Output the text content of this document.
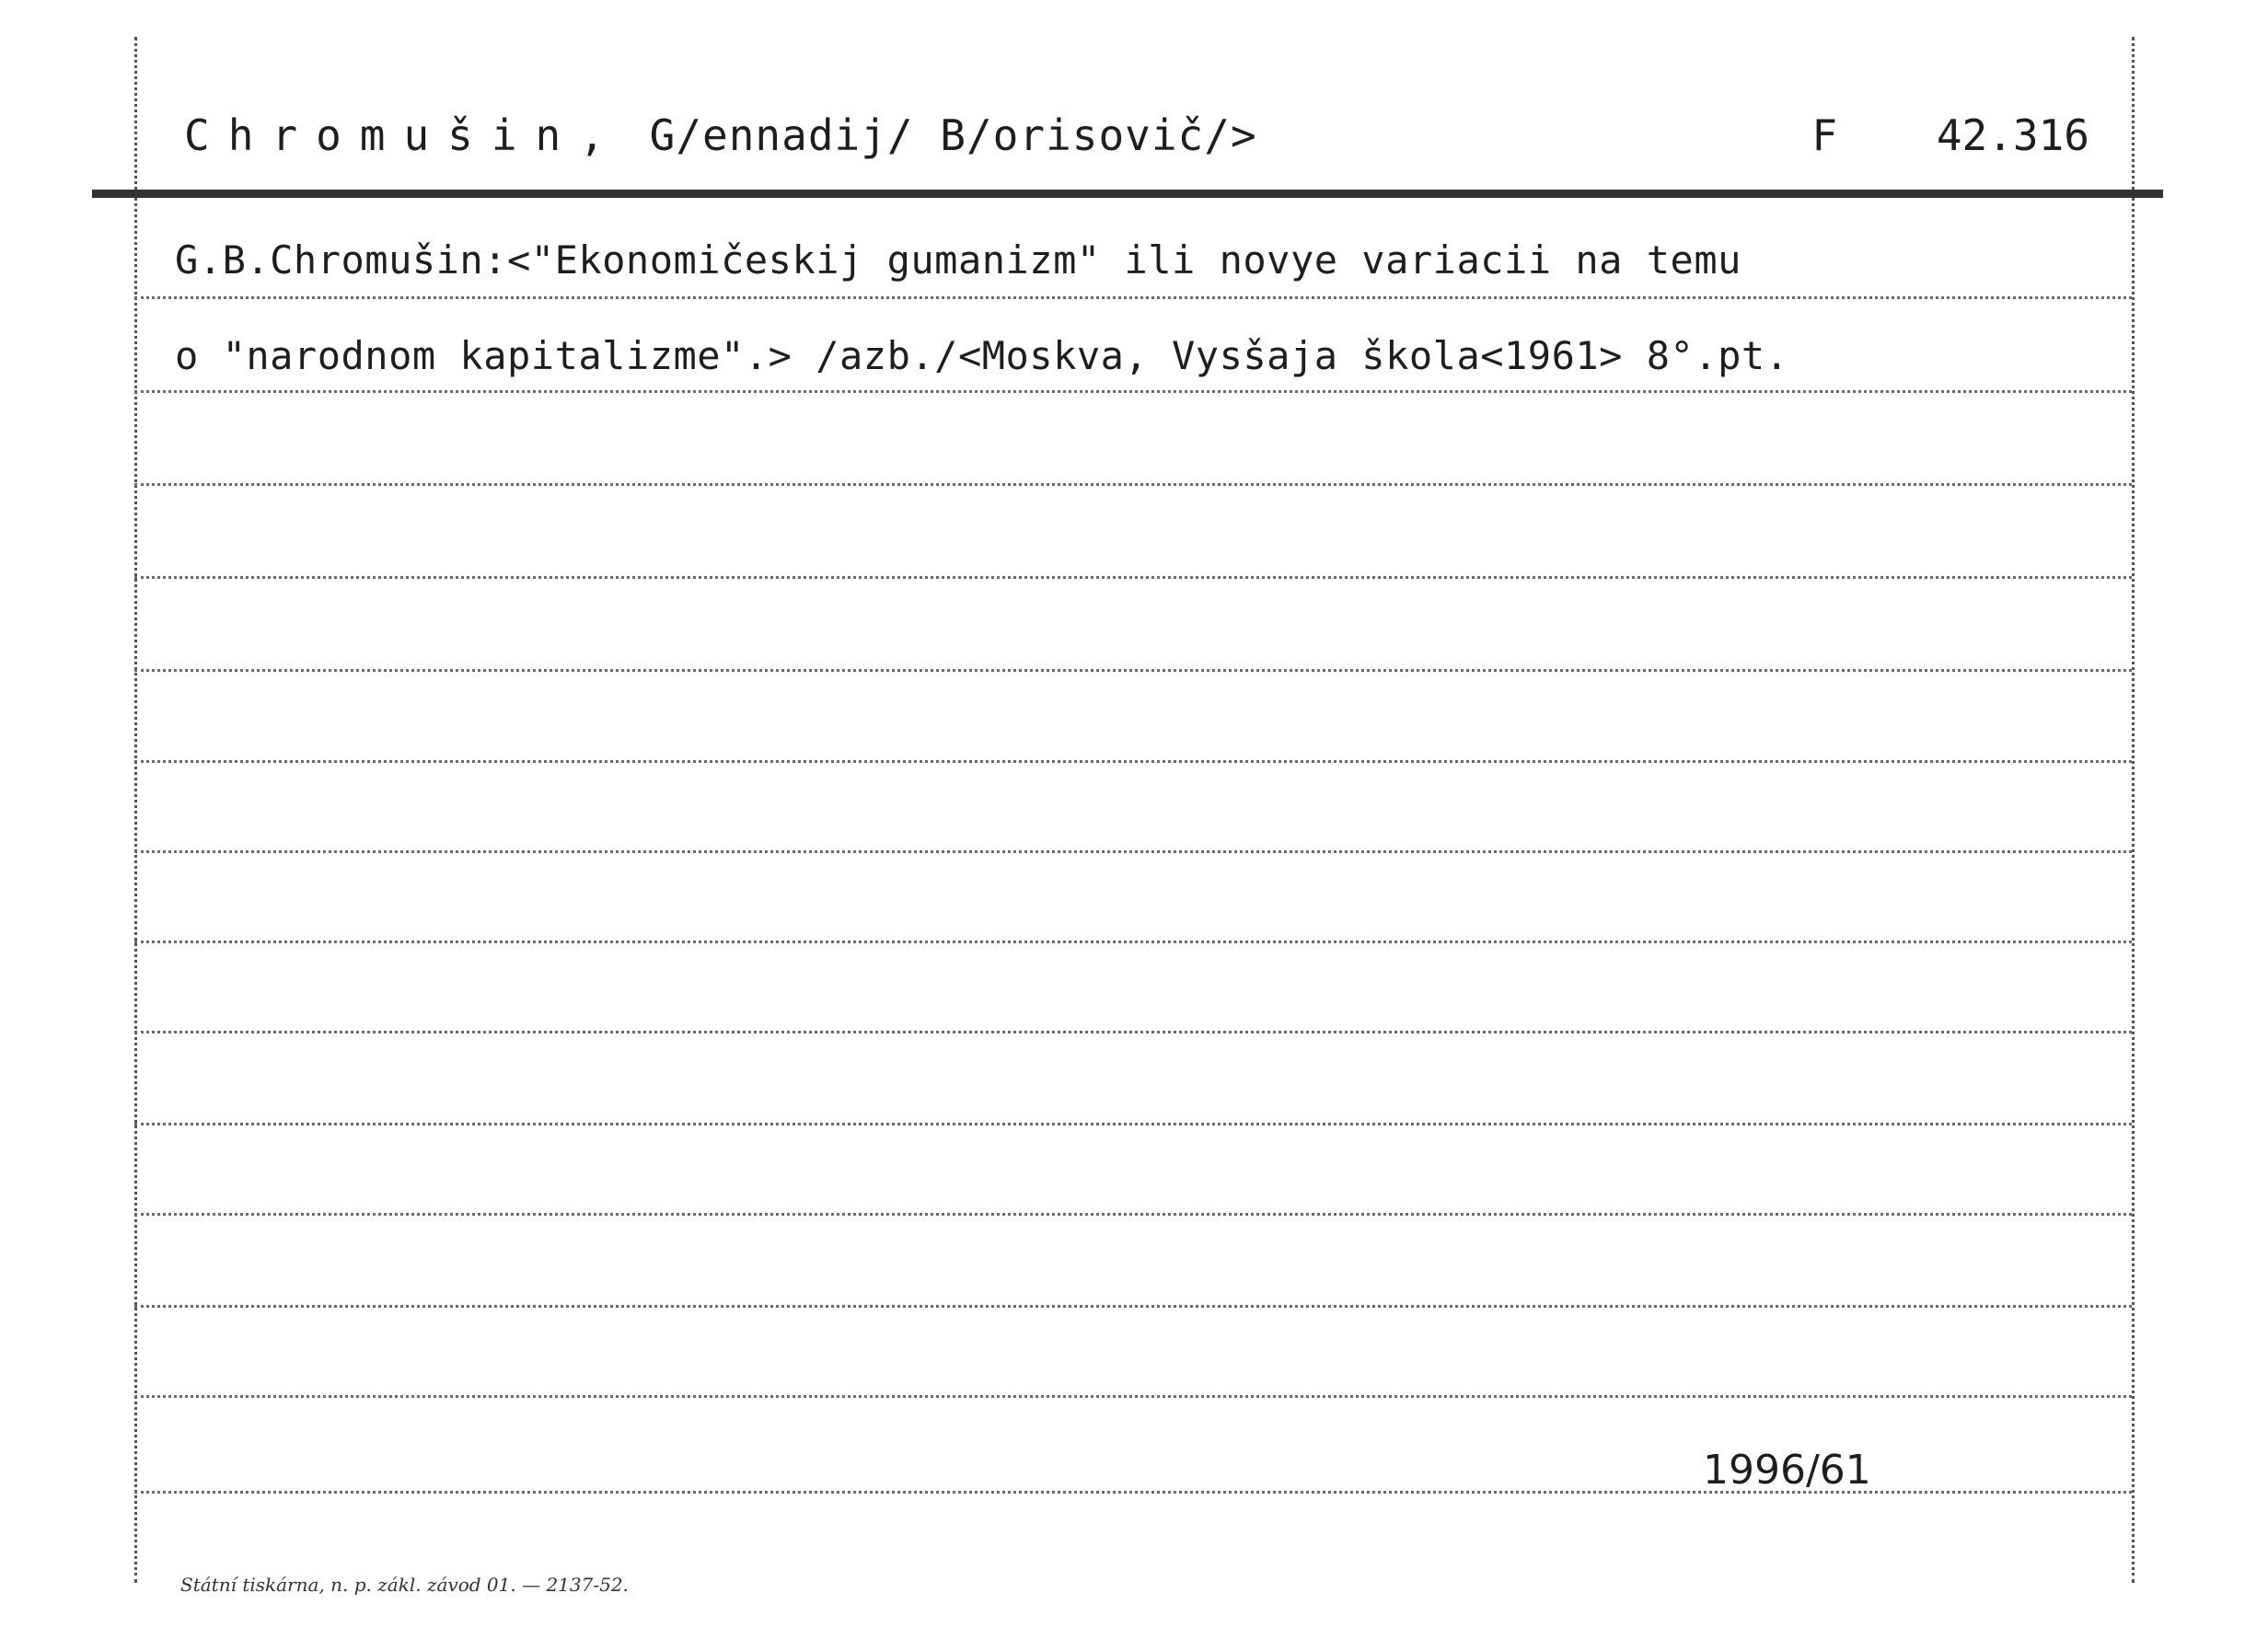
Chromušin, G/ennadij/ B/orisovič/>	F 42.316
G.B.Chromušin:<"Ekonomičeskij gumanizm" ili novye variacii na temu
o "narodnom kapitalizme".> /azb./<Moskva, Vysšaja škola<1961> 8°.pt.
1996/61
Státní tiskárna, n. p. zákl. závod 01. — 2137-52.
